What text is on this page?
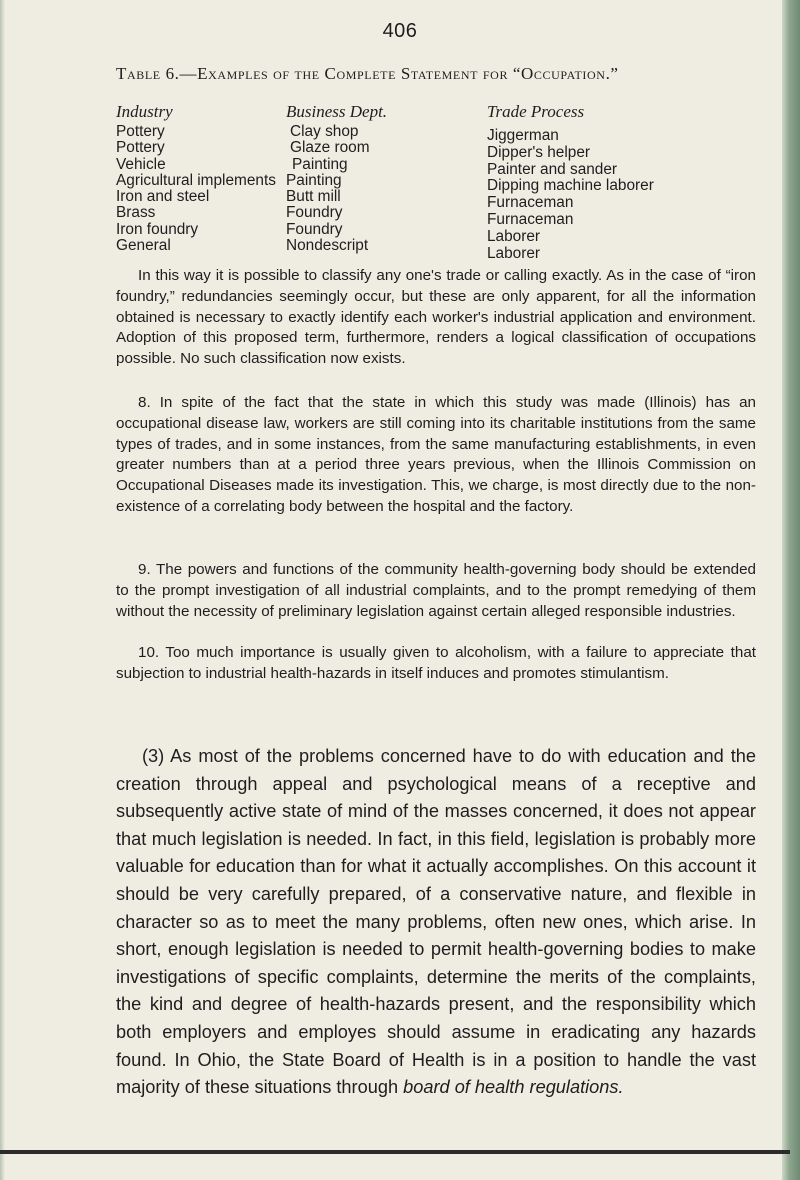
406
Table 6.—Examples of the Complete Statement for “Occupation.”
Industry	Business Dept.	Trade Process
Pottery
Pottery
Vehicle
Agricultural implements
Iron and steel
Brass
Iron foundry
General
Clay shop
Glaze room
Painting
Painting
Butt mill
Foundry
Foundry
Nondescript
Jiggerman
Dipper's helper
Painter and sander
Dipping machine laborer
Furnaceman
Furnaceman
Laborer
Laborer

In this way it is possible to classify any one's trade or calling exactly. As in the case of “iron foundry,” redundancies seemingly occur, but these are only apparent, for all the information obtained is necessary to exactly identify each worker's industrial application and environment. Adoption of this proposed term, furthermore, renders a logical classification of occupations possible. No such classification now exists.

8. In spite of the fact that the state in which this study was made (Illinois) has an occupational disease law, workers are still coming into its charitable institutions from the same types of trades, and in some instances, from the same manufacturing establishments, in even greater numbers than at a period three years previous, when the Illinois Commission on Occupational Diseases made its investigation. This, we charge, is most directly due to the non-existence of a correlating body between the hospital and the factory.

9. The powers and functions of the community health-governing body should be extended to the prompt investigation of all industrial complaints, and to the prompt remedying of them without the necessity of preliminary legislation against certain alleged responsible industries.

10. Too much importance is usually given to alcoholism, with a failure to appreciate that subjection to industrial health-hazards in itself induces and promotes stimulantism.

(3) As most of the problems concerned have to do with education and the creation through appeal and psychological means of a receptive and subsequently active state of mind of the masses concerned, it does not appear that much legislation is needed. In fact, in this field, legislation is probably more valuable for education than for what it actually accomplishes. On this account it should be very carefully prepared, of a conservative nature, and flexible in character so as to meet the many problems, often new ones, which arise. In short, enough legislation is needed to permit health-governing bodies to make investigations of specific complaints, determine the merits of the complaints, the kind and degree of health-hazards present, and the responsibility which both employers and employes should assume in eradicating any hazards found. In Ohio, the State Board of Health is in a position to handle the vast majority of these situations through board of health regulations.
